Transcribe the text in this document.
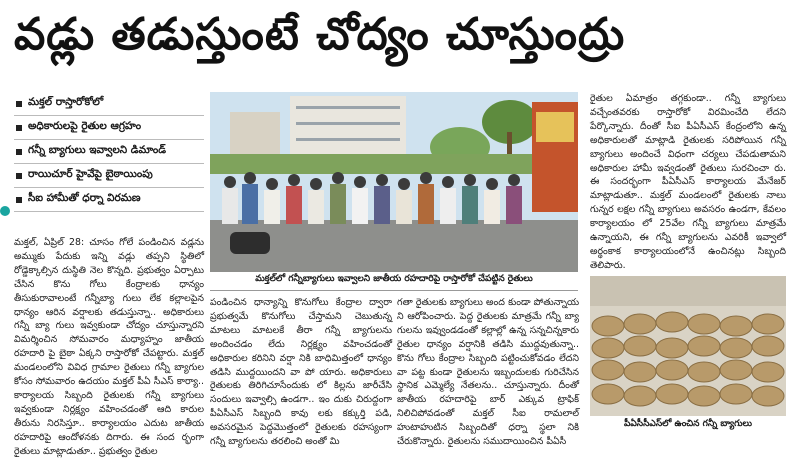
వడ్లు తడుస్తుంటే చోద్యం చూస్తుంద్రు
మక్తల్ రాస్తారోకోలో
అధికారులపై రైతుల ఆగ్రహం
గన్నీ బ్యాగులు ఇవ్వాలని డిమాండ్
రాయిచూర్ హైవేపై బైఠాయింపు
సీఐ హామీతో ధర్నా విరమణ

మక్తల్, ఏప్రిల్ 28: చూసం గోలే పండించిన వడ్లను అమ్ముకు పేదుకు ఇన్ని వడ్లు తప్పని స్థితిలో రోడ్డెక్కాల్సిన దుస్థితి నెల కొన్నది. ప్రభుత్వం ఏర్పాటు చేసిన కొను గోలు కేంద్రాలకు ధాన్యం తీసుకురావాలంటే గన్నీబ్యా గులు లేక కల్లాలపైన ధాన్యం ఆరిన వర్షాలకు తడుస్తున్నా.. అధికారులు గన్నీ బ్యా గులు ఇవ్వకుండా చోద్యం చూస్తున్నారని విమర్శించిన సోమవారం మధ్యాహ్నం జాతీయ రహదారి పై బైఠా ఏక్కని రాస్తారోకో చేపట్టారు. మక్తల్ మండలంలోని వివిధ గ్రామాల రైతులు గన్నీ బ్యాగుల కోసం సోమవారం ఉదయం మక్తల్ పీఏ సీఎస్ కార్యా.. కార్యాలయ సిబ్బంది రైతులకు గన్నీ బ్యాగులు ఇవ్వకుండా నిర్లక్ష్యం వహించడంతో ఆది కారుల తీరును నిరసిస్తూ.. కార్యాలయం ఎదుట జాతీయ రహదారిపై ఆందోళనకు దిగారు. ఈ సంద ర్భంగా రైతులు మాట్లాడుతూ.. ప్రభుత్వం రైతుల

మక్తల్‌లో గన్నీబ్యాగులు ఇవ్వాలని జాతీయ రహదారిపై రాస్తారోకో చేపట్టిన రైతులు

పండించిన ధాన్యాన్ని కొనుగోలు కేంద్రాల ద్వారా ప్రభుత్వమే కొనుగోలు చేస్తామని చెబుతున్న మాటలు మాటలకే తీరా గన్నీ బ్యాగులను అందించడం లేదు నిర్లక్ష్యం వహించడంతో అధికారుల కరినిని వర్షా నికి బాధిమిత్తంలో ధాన్యం తడిసి ముద్దయిందని వా పో యారు. అధికారులు రైతులకు తిరిగిచూసేందుకు లో కిల్లను జారీచేసి సందులు ఇవ్వాల్సి ఉండగా.. ఇం దుకు చిరుద్దంగా పీఏసీఎస్ సిబ్బంది కావు లకు కక్కుర్తి పడి, అవసరమైన పెద్దమొత్తంలో రైతులకు రహస్యంగా గన్నీ బ్యాగులను తరలించి అంతో మి

గతా రైతులకు బ్యాగులు అంద కుండా పోతున్నాయ ని ఆరోపించారు. పెద్ద రైతులకు మాత్రమే గన్నీ బ్యా గులను ఇవ్వుండడంతో కల్లాల్లో ఉన్న సన్నచిన్నకారు రైతుల ధాన్యం వర్షానికి తడిసి ముద్దవుతున్నా.. కొను గోలు కేంద్రాల సిబ్బంది పట్టించుకోవడం లేదని వా పట్ట కుండా రైతులను ఇబ్బందులకు గురిచేసిన స్థానిక ఎమ్మెల్యే నేతలను.. చూస్తున్నారు. దీంతో జాతీయ రహదారిపై బార్ ఎక్కువ ట్రాఫిక్ నిలిచిపోవడంతో మక్తల్ సీఐ రామలాల్ హుటాహుటిన సిబ్బందితో ధర్నా స్థలా నికి చేరుకొన్నారు. రైతులను సముదాయించిన పీఏసీ

రైతుల ఏమాత్రం తగ్గకుండా.. గన్నీ బ్యాగులు వచ్చేంతవరకు రాస్తారోకో విరమించేది లేదని పేర్కొన్నారు. దీంతో సీఐ పీఏసీఎస్ కేంద్రంలోని ఉన్న అధికారులతో మాట్లాడి రైతులకు సరిపోయిన గన్నీ బ్యాగులు అందించే విధంగా చర్యలు చేపడుతామని అధికారుల హామీ ఇవ్వడంతో రైతులు సురచించా రు. ఈ సందర్భంగా పీఏసీఎస్ కార్యాలయ మేనేజర్ మాట్లాడుతూ.. మక్తల్ మండలంలో రైతులకు నాలు గున్నర లక్షల గన్నీ బ్యాగులు అవసరం ఉండగా, కేవలం కార్యాలయం లో 25వేల గన్నీ బ్యాగులు మాత్రమే ఉన్నాయని, ఈ గన్నీ బ్యాగులను ఎవరికీ ఇవ్వాలో అర్థంకాక కార్యాలయంలోనే ఉంచినట్లు సిబ్బంది తెలిపారు.

పీఏసీసీఎస్‌లో ఉంచిన గన్నీ బ్యాగులు
